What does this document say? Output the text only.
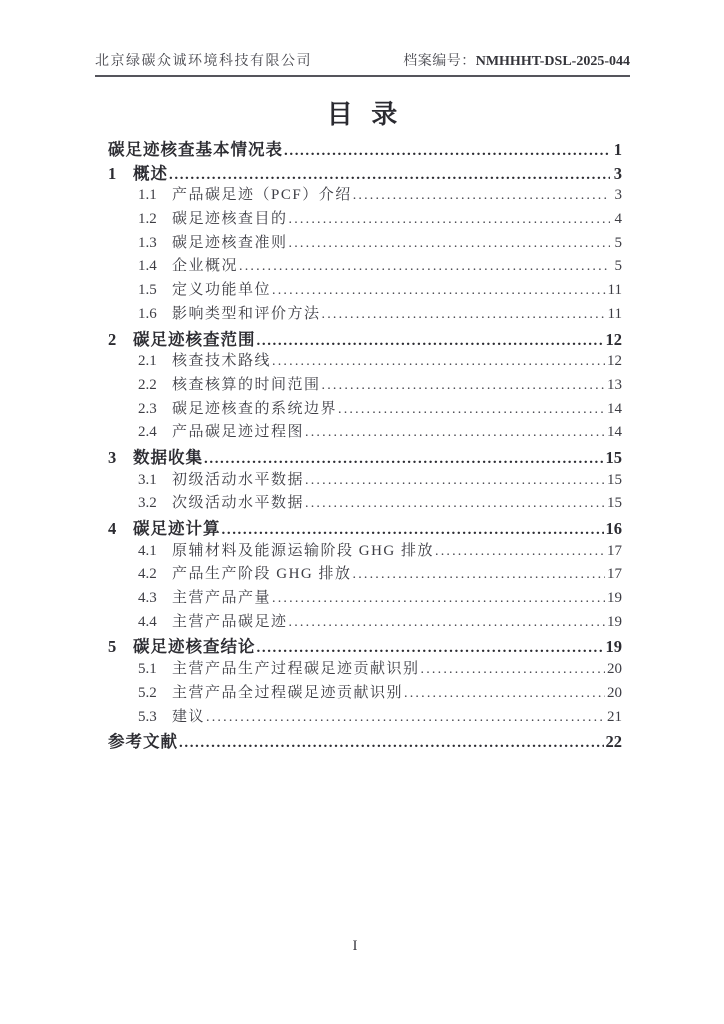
北京绿碳众诚环境科技有限公司	档案编号：NMHHHT-DSL-2025-044
目 录
碳足迹核查基本情况表 .....	1
1	概述 .....	3
1.1	产品碳足迹（PCF）介绍 .....	3
1.2	碳足迹核查目的 .....	4
1.3	碳足迹核查准则 .....	5
1.4	企业概况 .....	5
1.5	定义功能单位 .....	11
1.6	影响类型和评价方法 .....	11
2	碳足迹核查范围 .....	12
2.1	核查技术路线 .....	12
2.2	核查核算的时间范围 .....	13
2.3	碳足迹核查的系统边界 .....	14
2.4	产品碳足迹过程图 .....	14
3	数据收集 .....	15
3.1	初级活动水平数据 .....	15
3.2	次级活动水平数据 .....	15
4	碳足迹计算 .....	16
4.1	原辅材料及能源运输阶段 GHG 排放 .....	17
4.2	产品生产阶段 GHG 排放 .....	17
4.3	主营产品产量 .....	19
4.4	主营产品碳足迹 .....	19
5	碳足迹核查结论 .....	19
5.1	主营产品生产过程碳足迹贡献识别 .....	20
5.2	主营产品全过程碳足迹贡献识别 .....	20
5.3	建议 .....	21
参考文献 .....	22
I
